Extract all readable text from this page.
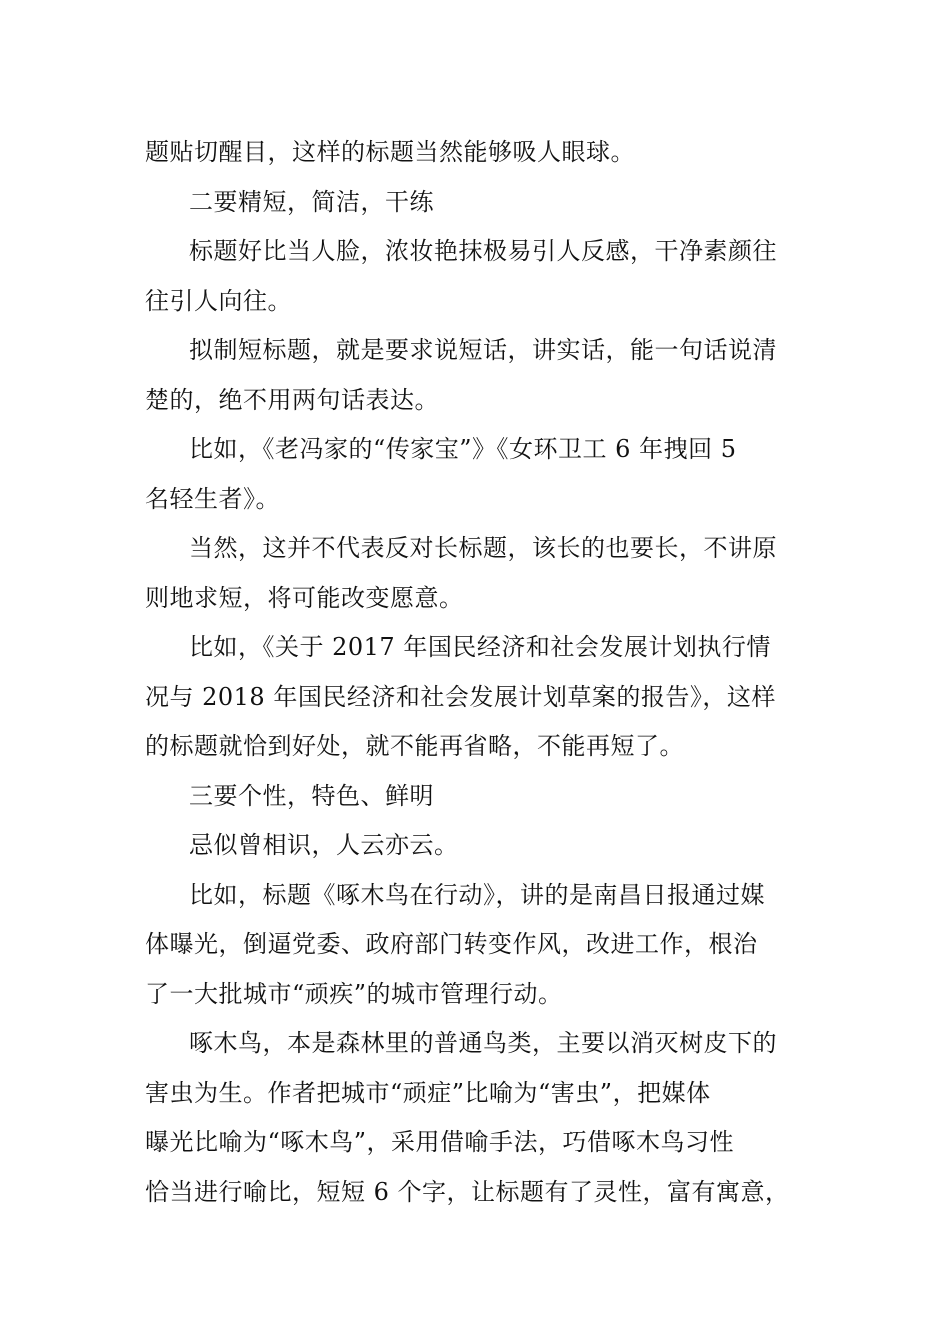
题贴切醒目，这样的标题当然能够吸人眼球。
二要精短，简洁，干练
标题好比当人脸，浓妆艳抹极易引人反感，干净素颜往
往引人向往。
拟制短标题，就是要求说短话，讲实话，能一句话说清
楚的，绝不用两句话表达。
比如，《老冯家的“传家宝”》《女环卫工 6 年拽回 5
名轻生者》。
当然，这并不代表反对长标题，该长的也要长，不讲原
则地求短，将可能改变愿意。
比如，《关于 2017 年国民经济和社会发展计划执行情
况与 2018 年国民经济和社会发展计划草案的报告》，这样
的标题就恰到好处，就不能再省略，不能再短了。
三要个性，特色、鲜明
忌似曾相识，人云亦云。
比如，标题《啄木鸟在行动》，讲的是南昌日报通过媒
体曝光，倒逼党委、政府部门转变作风，改进工作，根治
了一大批城市“顽疾”的城市管理行动。
啄木鸟，本是森林里的普通鸟类，主要以消灭树皮下的
害虫为生。作者把城市“顽症”比喻为“害虫”，把媒体
曝光比喻为“啄木鸟”，采用借喻手法，巧借啄木鸟习性
恰当进行喻比，短短 6 个字，让标题有了灵性，富有寓意，
